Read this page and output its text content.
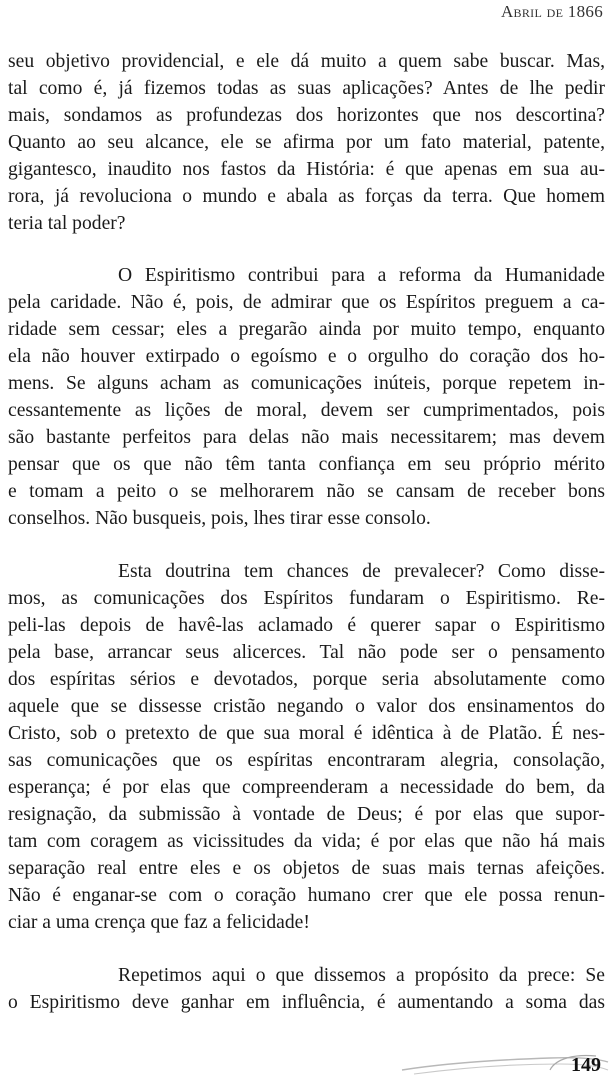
Abril de 1866
seu objetivo providencial, e ele dá muito a quem sabe buscar. Mas,
tal como é, já fizemos todas as suas aplicações? Antes de lhe pedir
mais, sondamos as profundezas dos horizontes que nos descortina?
Quanto ao seu alcance, ele se afirma por um fato material, patente,
gigantesco, inaudito nos fastos da História: é que apenas em sua au-
rora, já revoluciona o mundo e abala as forças da terra. Que homem
teria tal poder?
O Espiritismo contribui para a reforma da Humanidade
pela caridade. Não é, pois, de admirar que os Espíritos preguem a ca-
ridade sem cessar; eles a pregarão ainda por muito tempo, enquanto
ela não houver extirpado o egoísmo e o orgulho do coração dos ho-
mens. Se alguns acham as comunicações inúteis, porque repetem in-
cessantemente as lições de moral, devem ser cumprimentados, pois
são bastante perfeitos para delas não mais necessitarem; mas devem
pensar que os que não têm tanta confiança em seu próprio mérito
e tomam a peito o se melhorarem não se cansam de receber bons
conselhos. Não busqueis, pois, lhes tirar esse consolo.
Esta doutrina tem chances de prevalecer? Como disse-
mos, as comunicações dos Espíritos fundaram o Espiritismo. Re-
peli-las depois de havê-las aclamado é querer sapar o Espiritismo
pela base, arrancar seus alicerces. Tal não pode ser o pensamento
dos espíritas sérios e devotados, porque seria absolutamente como
aquele que se dissesse cristão negando o valor dos ensinamentos do
Cristo, sob o pretexto de que sua moral é idêntica à de Platão. É nes-
sas comunicações que os espíritas encontraram alegria, consolação,
esperança; é por elas que compreenderam a necessidade do bem, da
resignação, da submissão à vontade de Deus; é por elas que supor-
tam com coragem as vicissitudes da vida; é por elas que não há mais
separação real entre eles e os objetos de suas mais ternas afeições.
Não é enganar-se com o coração humano crer que ele possa renun-
ciar a uma crença que faz a felicidade!
Repetimos aqui o que dissemos a propósito da prece: Se
o Espiritismo deve ganhar em influência, é aumentando a soma das
149
